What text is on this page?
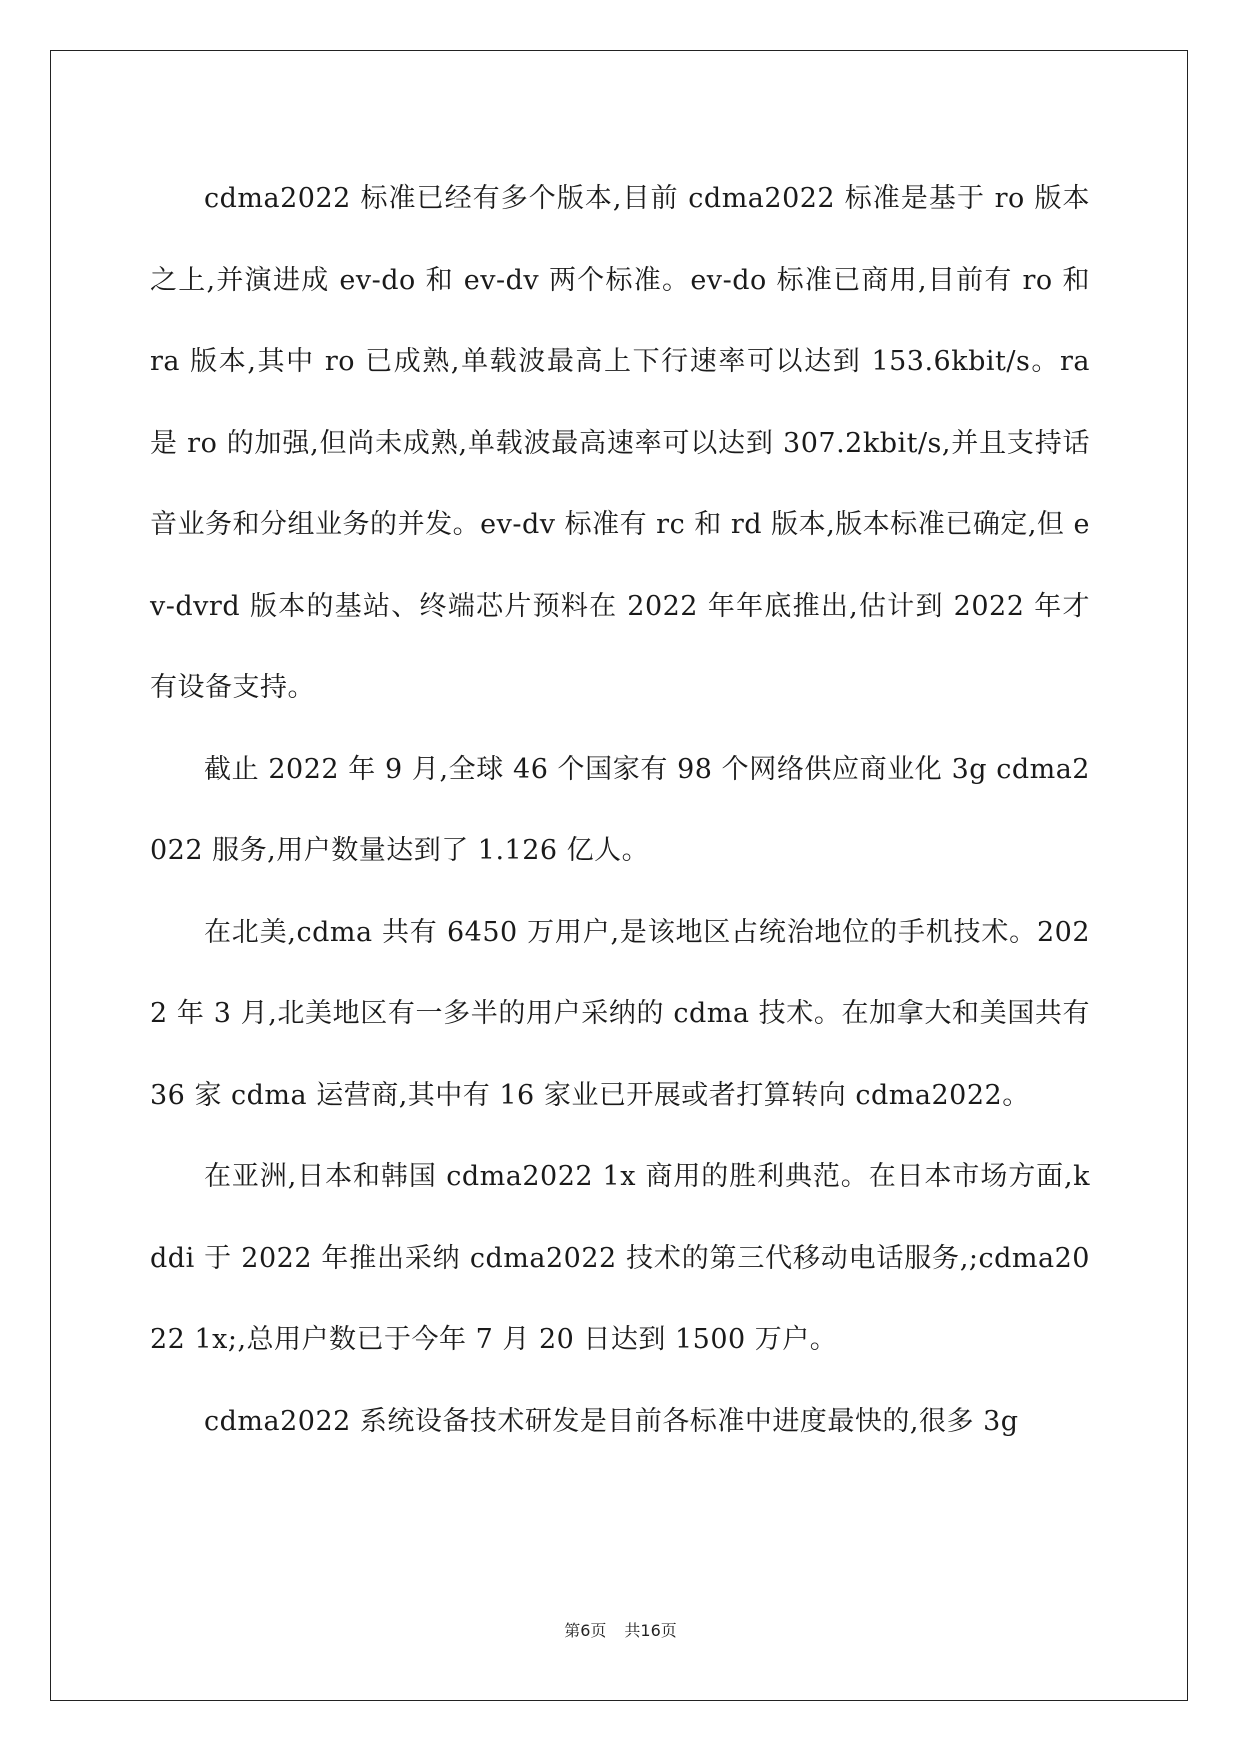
cdma2022 标准已经有多个版本,目前 cdma2022 标准是基于 ro 版本之上,并演进成 ev-do 和 ev-dv 两个标准。ev-do 标准已商用,目前有 ro 和 ra 版本,其中 ro 已成熟,单载波最高上下行速率可以达到 153.6kbit/s。ra 是 ro 的加强,但尚未成熟,单载波最高速率可以达到 307.2kbit/s,并且支持话音业务和分组业务的并发。ev-dv 标准有 rc 和 rd 版本,版本标准已确定,但 ev-dvrd 版本的基站、终端芯片预料在 2022 年年底推出,估计到 2022 年才有设备支持。

截止 2022 年 9 月,全球 46 个国家有 98 个网络供应商业化 3g cdma2022 服务,用户数量达到了 1.126 亿人。

在北美,cdma 共有 6450 万用户,是该地区占统治地位的手机技术。2022 年 3 月,北美地区有一多半的用户采纳的 cdma 技术。在加拿大和美国共有 36 家 cdma 运营商,其中有 16 家业已开展或者打算转向 cdma2022。

在亚洲,日本和韩国 cdma2022 1x 商用的胜利典范。在日本市场方面,kddi 于 2022 年推出采纳 cdma2022 技术的第三代移动电话服务,;cdma2022 1x;,总用户数已于今年 7 月 20 日达到 1500 万户。

cdma2022 系统设备技术研发是目前各标准中进度最快的,很多 3g

第6页 共16页
